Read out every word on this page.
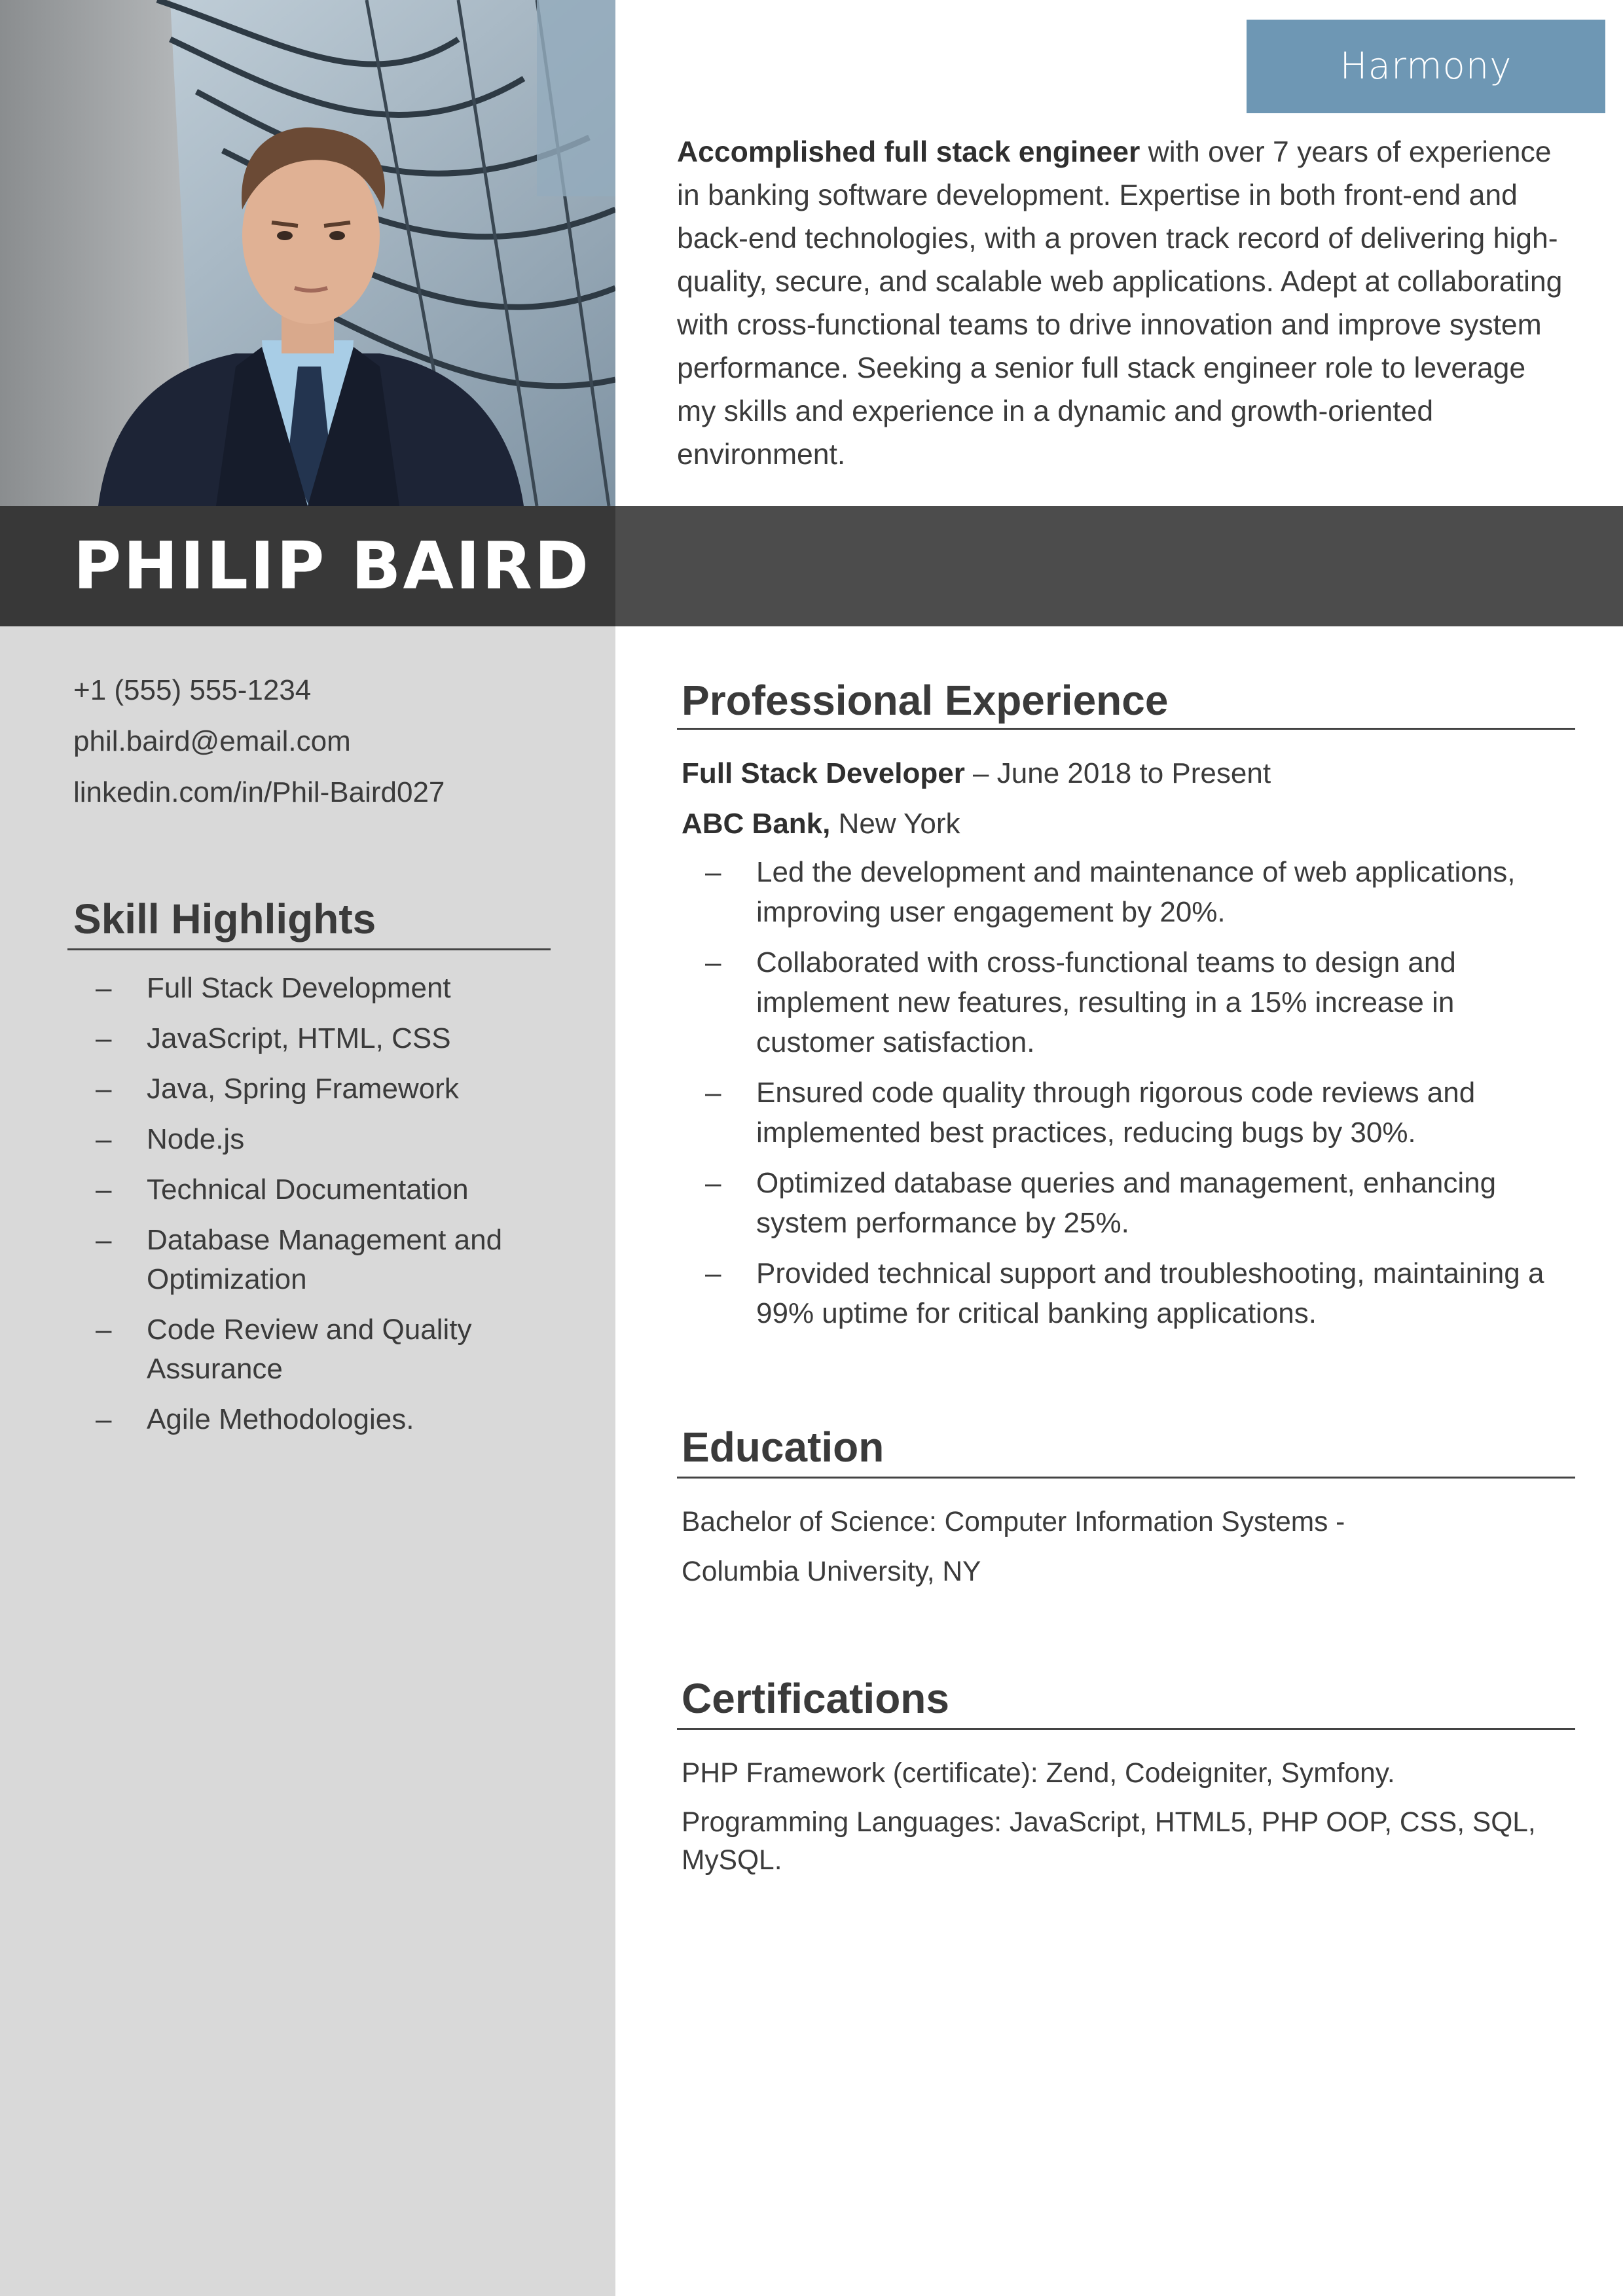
PHILIP BAIRD
Harmony

Accomplished full stack engineer with over 7 years of experience in banking software development. Expertise in both front-end and back-end technologies, with a proven track record of delivering high-quality, secure, and scalable web applications. Adept at collaborating with cross-functional teams to drive innovation and improve system performance. Seeking a senior full stack engineer role to leverage my skills and experience in a dynamic and growth-oriented environment.

+1 (555) 555-1234
phil.baird@email.com
linkedin.com/in/Phil-Baird027
Skill Highlights
– Full Stack Development
– JavaScript, HTML, CSS
– Java, Spring Framework
– Node.js
– Technical Documentation
– Database Management and Optimization
– Code Review and Quality Assurance
– Agile Methodologies.
Professional Experience

Full Stack Developer – June 2018 to Present

ABC Bank, New York

– Led the development and maintenance of web applications, improving user engagement by 20%.
– Collaborated with cross-functional teams to design and implement new features, resulting in a 15% increase in customer satisfaction.
– Ensured code quality through rigorous code reviews and implemented best practices, reducing bugs by 30%.
– Optimized database queries and management, enhancing system performance by 25%.
– Provided technical support and troubleshooting, maintaining a 99% uptime for critical banking applications.
Education

Bachelor of Science: Computer Information Systems -

Columbia University, NY

Certifications

PHP Framework (certificate): Zend, Codeigniter, Symfony.

Programming Languages: JavaScript, HTML5, PHP OOP, CSS, SQL, MySQL.
